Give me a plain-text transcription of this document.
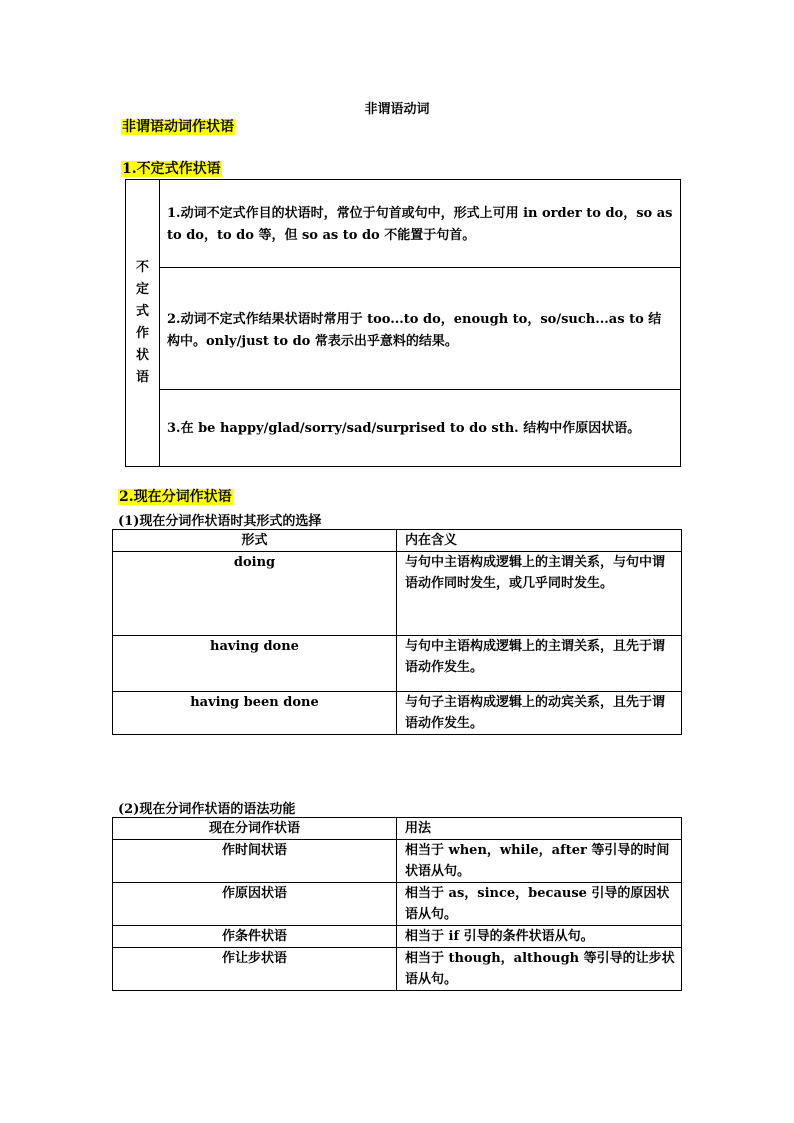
非谓语动词
非谓语动词作状语
1.不定式作状语
不定式作状语	1.动词不定式作目的状语时，常位于句首或句中，形式上可用 in order to do，so as to do，to do 等，但 so as to do 不能置于句首。
2.动词不定式作结果状语时常用于 too...to do，enough to，so/such...as to 结构中。only/just to do 常表示出乎意料的结果。
3.在 be happy/glad/sorry/sad/surprised to do sth. 结构中作原因状语。
2.现在分词作状语
(1)现在分词作状语时其形式的选择
形式	内在含义
doing	与句中主语构成逻辑上的主谓关系，与句中谓语动作同时发生，或几乎同时发生。
having done	与句中主语构成逻辑上的主谓关系，且先于谓语动作发生。
having been done	与句子主语构成逻辑上的动宾关系，且先于谓语动作发生。
(2)现在分词作状语的语法功能
现在分词作状语	用法
作时间状语	相当于 when，while，after 等引导的时间状语从句。
作原因状语	相当于 as，since，because 引导的原因状语从句。
作条件状语	相当于 if 引导的条件状语从句。
作让步状语	相当于 though，although 等引导的让步状语从句。
